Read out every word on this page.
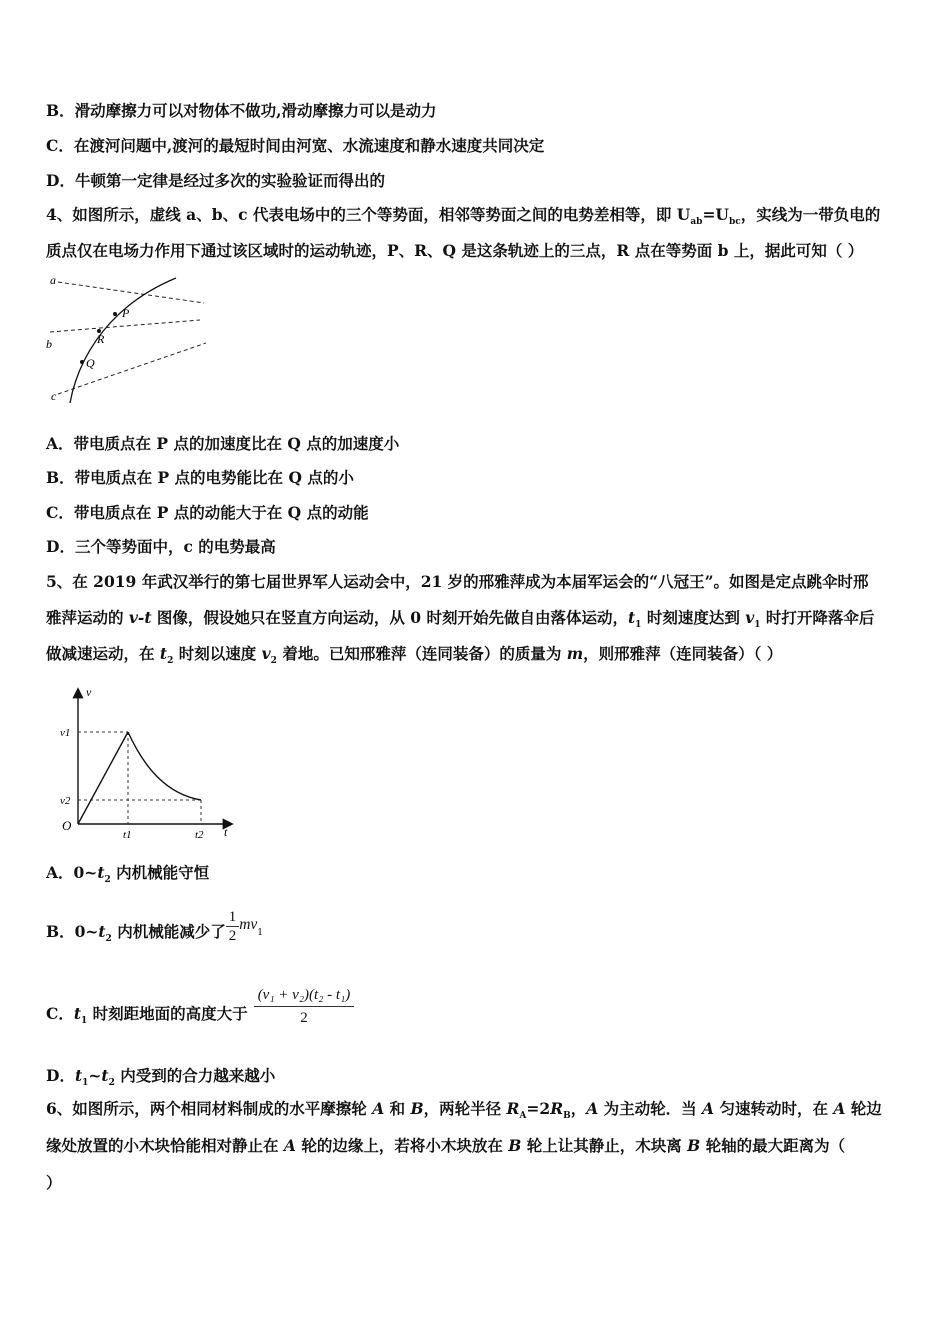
B．滑动摩擦力可以对物体不做功,滑动摩擦力可以是动力
C．在渡河问题中,渡河的最短时间由河宽、水流速度和静水速度共同决定
D．牛顿第一定律是经过多次的实验验证而得出的
4、如图所示，虚线 a、b、c 代表电场中的三个等势面，相邻等势面之间的电势差相等，即 $U_{ab}=U_{bc}$，实线为一带负电的
质点仅在电场力作用下通过该区域时的运动轨迹，P、R、Q 是这条轨迹上的三点，R 点在等势面 b 上，据此可知（ ）
a
b
c
P
R
Q
A．带电质点在 P 点的加速度比在 Q 点的加速度小
B．带电质点在 P 点的电势能比在 Q 点的小
C．带电质点在 P 点的动能大于在 Q 点的动能
D．三个等势面中，c 的电势最高
5、在 2019 年武汉举行的第七届世界军人运动会中，21 岁的邢雅萍成为本届军运会的“八冠王”。如图是定点跳伞时邢
雅萍运动的 v-t 图像，假设她只在竖直方向运动，从 0 时刻开始先做自由落体运动，$t_1$ 时刻速度达到 $v_1$ 时打开降落伞后
做减速运动，在 $t_2$ 时刻以速度 $v_2$ 着地。已知邢雅萍（连同装备）的质量为 m，则邢雅萍（连同装备）（ ）
v
v1
v2
O
t1	t2 t
A．$0\sim t_2$ 内机械能守恒
B．$0\sim t_2$ 内机械能减少了 $\frac{1}{2} mv_1$
C．$t_1$ 时刻距地面的高度大于 $\frac{\text{(v₁ + v₂)(t₂ - t₁)}}{2}$
D．$t_1\sim t_2$ 内受到的合力越来越小
6、如图所示，两个相同材料制成的水平摩擦轮 A 和 B，两轮半径 $R_A=2R_B$，A 为主动轮．当 A 匀速转动时，在 A 轮边
缘处放置的小木块恰能相对静止在 A 轮的边缘上，若将小木块放在 B 轮上让其静止，木块离 B 轮轴的最大距离为（
）
